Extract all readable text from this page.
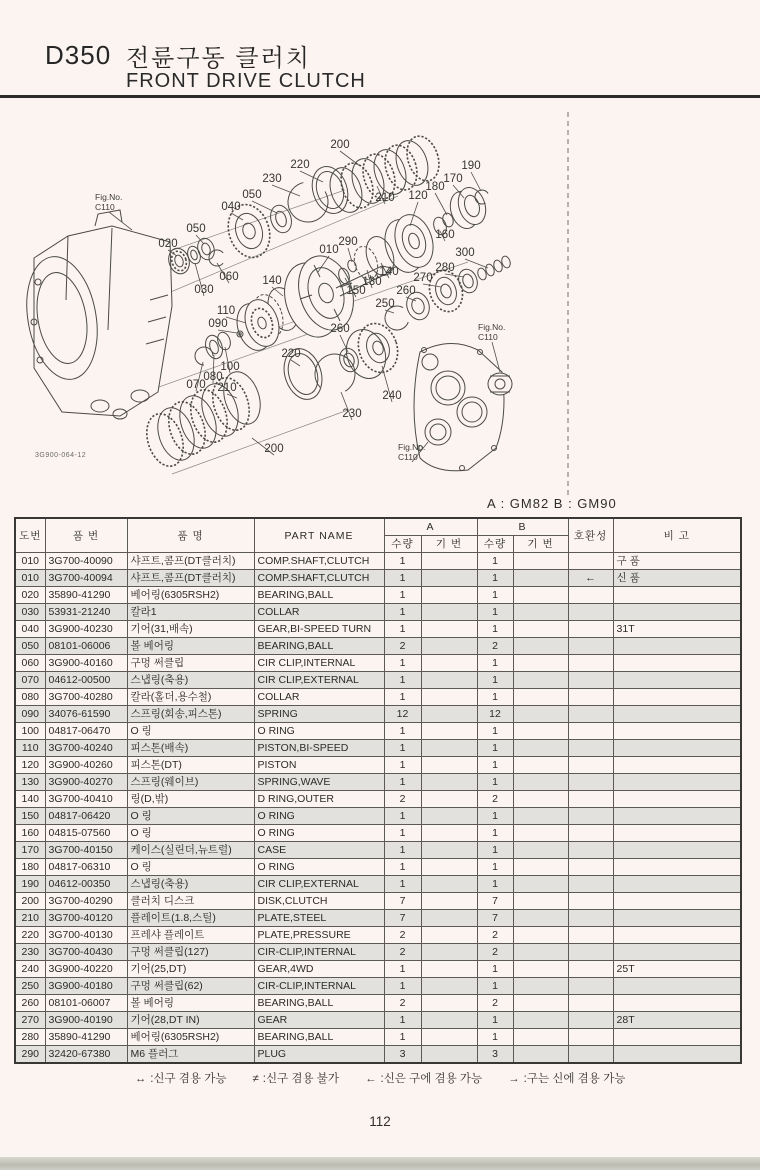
D350 전륜구동 클러치
FRONT DRIVE CLUTCH
020
050
040
050
230
220
200
210
030
060
010
290
150
130
140
140
120
180
170
190
160
300
280
270
260
250
110
090
100
080
070 210
200
220
230
260
240
Fig.No. C110
Fig.No. C110
Fig.No. C110
3G900-064-12
A : GM82 B : GM90
도번	품 번	품 명	PART NAME	A		B		호환성	비 고
				수량	기 번	수량	기 번		
010	3G700-40090	샤프트,콤프(DT클러치)	COMP.SHAFT,CLUTCH	1		1			구 품
010	3G700-40094	샤프트,콤프(DT클러치)	COMP.SHAFT,CLUTCH	1		1		←	신 품
020	35890-41290	베어링(6305RSH2)	BEARING,BALL	1		1			
030	53931-21240	칼라1	COLLAR	1		1			
040	3G900-40230	기어(31,배속)	GEAR,BI-SPEED TURN	1		1			31T
050	08101-06006	볼 베어링	BEARING,BALL	2		2			
060	3G900-40160	구멍 써클립	CIR CLIP,INTERNAL	1		1			
070	04612-00500	스냅링(축용)	CIR CLIP,EXTERNAL	1		1			
080	3G700-40280	칼라(홀더,용수철)	COLLAR	1		1			
090	34076-61590	스프링(회송,피스톤)	SPRING	12		12			
100	04817-06470	O 링	O RING	1		1			
110	3G700-40240	피스톤(배속)	PISTON,BI-SPEED	1		1			
120	3G900-40260	피스톤(DT)	PISTON	1		1			
130	3G900-40270	스프링(웨이브)	SPRING,WAVE	1		1			
140	3G700-40410	링(D,밖)	D RING,OUTER	2		2			
150	04817-06420	O 링	O RING	1		1			
160	04815-07560	O 링	O RING	1		1			
170	3G700-40150	케이스(실린더,뉴트럴)	CASE	1		1			
180	04817-06310	O 링	O RING	1		1			
190	04612-00350	스냅링(축용)	CIR CLIP,EXTERNAL	1		1			
200	3G700-40290	클러치 디스크	DISK,CLUTCH	7		7			
210	3G700-40120	플레이트(1.8,스틸)	PLATE,STEEL	7		7			
220	3G700-40130	프레샤 플레이트	PLATE,PRESSURE	2		2			
230	3G700-40430	구멍 써클립(127)	CIR-CLIP,INTERNAL	2		2			
240	3G900-40220	기어(25,DT)	GEAR,4WD	1		1			25T
250	3G900-40180	구멍 써클립(62)	CIR-CLIP,INTERNAL	1		1			
260	08101-06007	볼 베어링	BEARING,BALL	2		2			
270	3G900-40190	기어(28,DT IN)	GEAR	1		1			28T
280	35890-41290	베어링(6305RSH2)	BEARING,BALL	1		1			
290	32420-67380	M6 플러그	PLUG	3		3			
↔ :신구 겸용 가능 ≠ :신구 겸용 불가 ← :신은 구에 겸용 가능 → :구는 신에 겸용 가능
112
